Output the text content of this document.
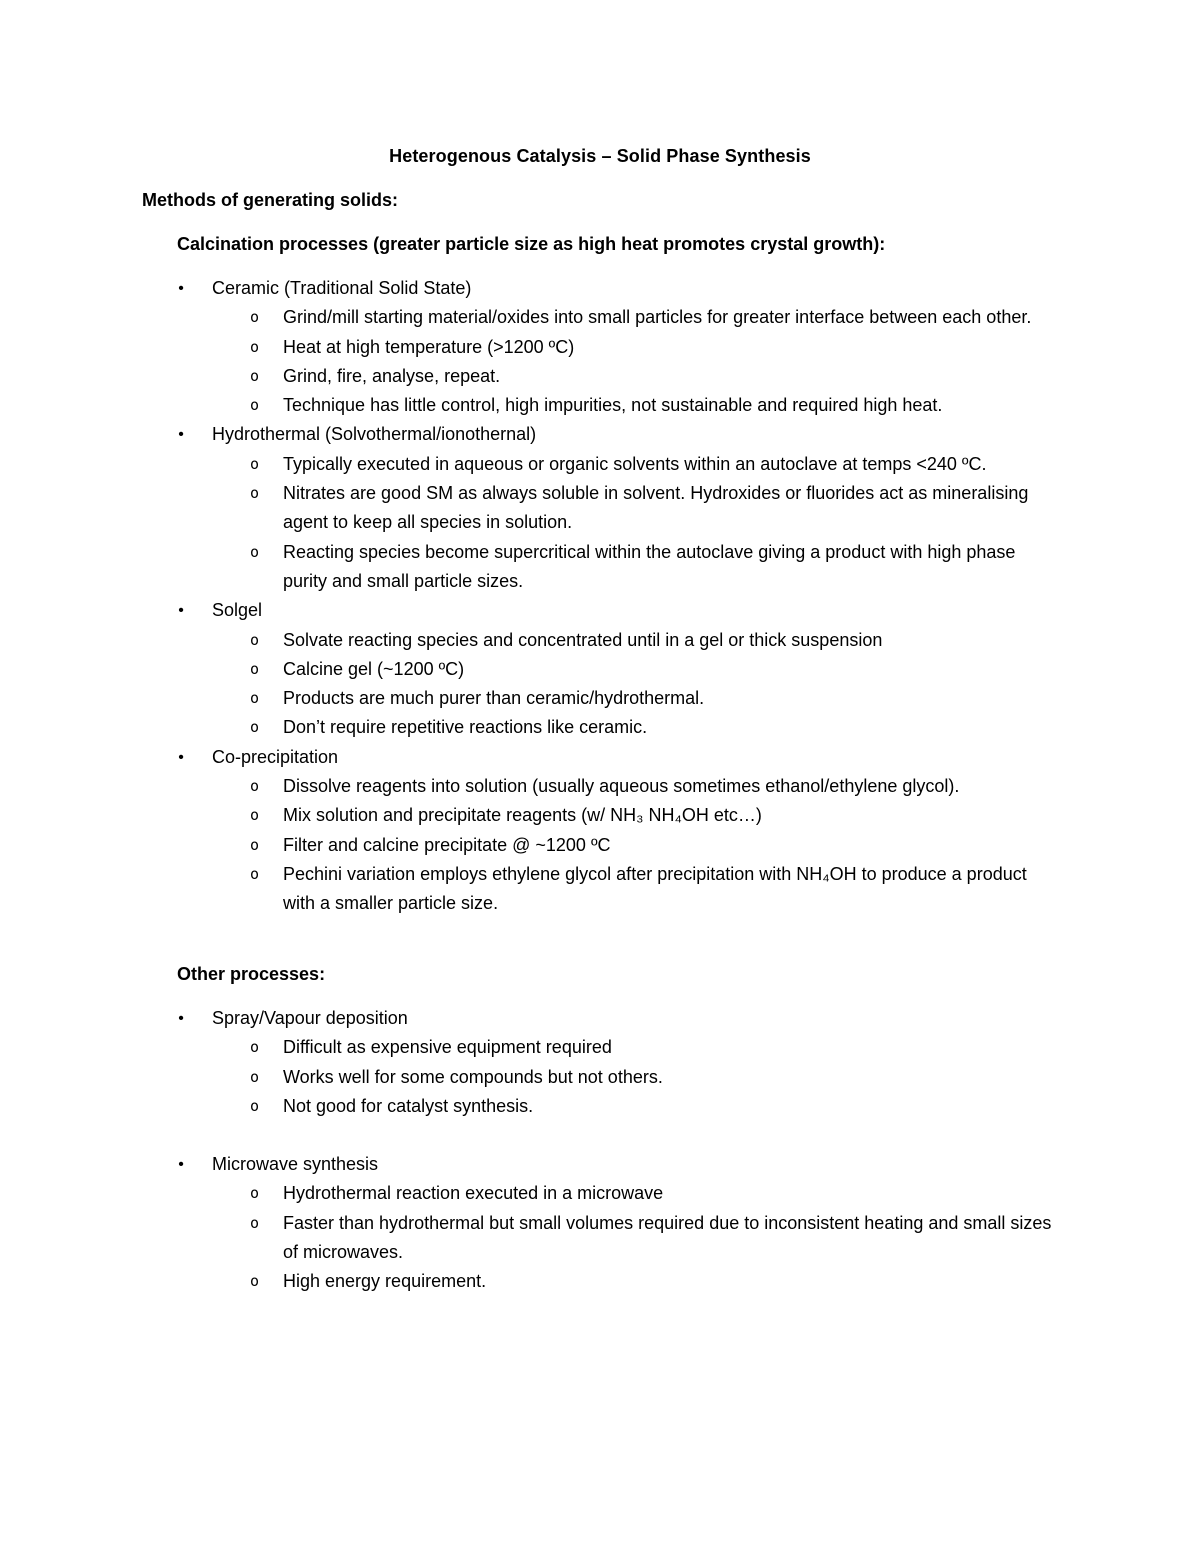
Heterogenous Catalysis – Solid Phase Synthesis
Methods of generating solids:
Calcination processes (greater particle size as high heat promotes crystal growth):
• Ceramic (Traditional Solid State)
o Grind/mill starting material/oxides into small particles for greater interface between each other.
o Heat at high temperature (>1200 ºC)
o Grind, fire, analyse, repeat.
o Technique has little control, high impurities, not sustainable and required high heat.
• Hydrothermal (Solvothermal/ionothernal)
o Typically executed in aqueous or organic solvents within an autoclave at temps <240 ºC.
o Nitrates are good SM as always soluble in solvent. Hydroxides or fluorides act as mineralising agent to keep all species in solution.
o Reacting species become supercritical within the autoclave giving a product with high phase purity and small particle sizes.
• Solgel
o Solvate reacting species and concentrated until in a gel or thick suspension
o Calcine gel (~1200 ºC)
o Products are much purer than ceramic/hydrothermal.
o Don’t require repetitive reactions like ceramic.
• Co-precipitation
o Dissolve reagents into solution (usually aqueous sometimes ethanol/ethylene glycol).
o Mix solution and precipitate reagents (w/ NH₃ NH₄OH etc…)
o Filter and calcine precipitate @ ~1200 ºC
o Pechini variation employs ethylene glycol after precipitation with NH₄OH to produce a product with a smaller particle size.
Other processes:
• Spray/Vapour deposition
o Difficult as expensive equipment required
o Works well for some compounds but not others.
o Not good for catalyst synthesis.
• Microwave synthesis
o Hydrothermal reaction executed in a microwave
o Faster than hydrothermal but small volumes required due to inconsistent heating and small sizes of microwaves.
o High energy requirement.
